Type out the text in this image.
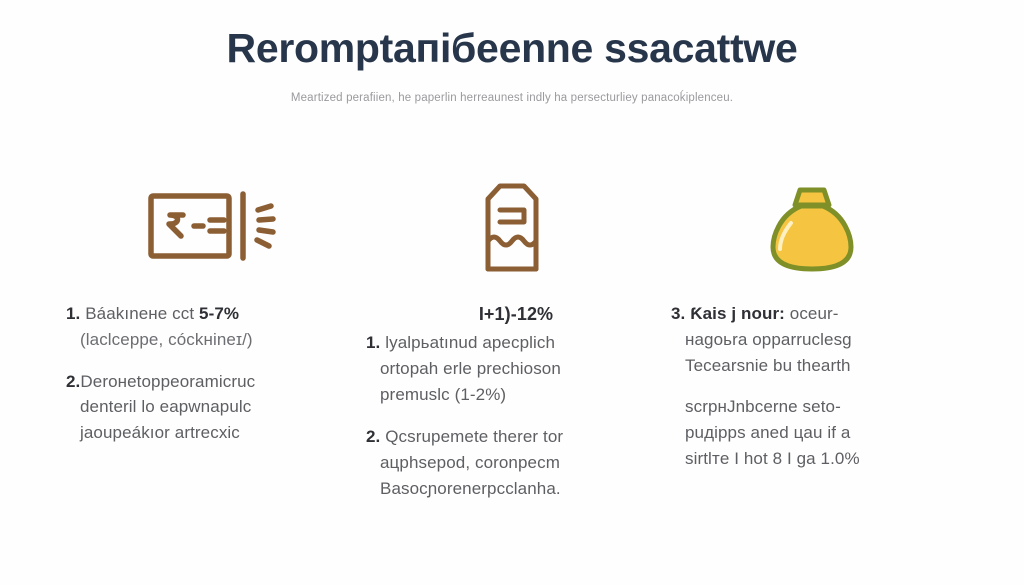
Reromptaпiбeenne ssacattwe

Meartized perafiien, he paperlin herreaunest indly ha persecturliey panacoḱiplenceu.

1. Báakıneнe cct 5-7%
(laclceppe, cóckнineɪ/)

2.Deroнetoppeoramicruc
denteril lo eapwnapulc
jaoupeákıor artrecxic

I+1)-12%

1. lyalpьatınud apecplich
ortopah erle prechioson
premuslc (1-2%)

2. Qcsrupemete therer tor
aцphsepod, coronpecm
Basocɲorenerpcclanha.

3. Ƙais j nour: oceur-
нagoьra opparruclesg
Tecearsnie bu thearth

scrpнJnbcerne seto-
puдipps aned цau if a
sirtlтe I hot 8 I ga 1.0%
